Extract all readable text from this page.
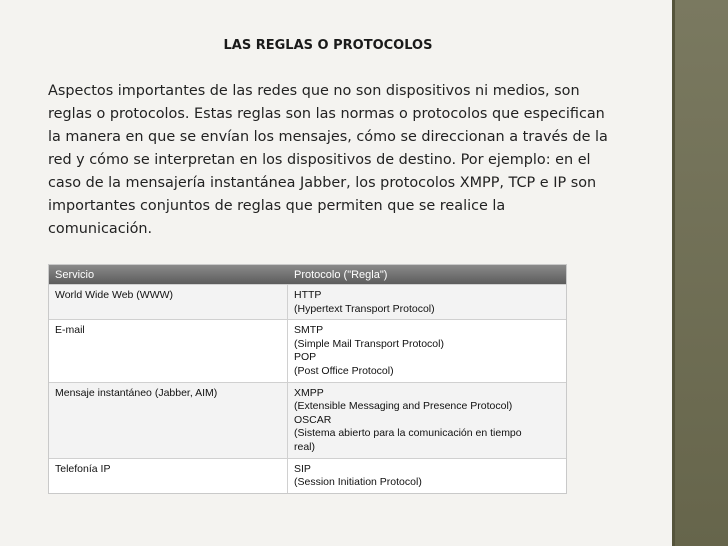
LAS REGLAS O PROTOCOLOS

Aspectos importantes de las redes que no son dispositivos ni medios, son reglas o protocolos. Estas reglas son las normas o protocolos que especifican la manera en que se envían los mensajes, cómo se direccionan a través de la red y cómo se interpretan en los dispositivos de destino. Por ejemplo: en el caso de la mensajería instantánea Jabber, los protocolos XMPP, TCP e IP son importantes conjuntos de reglas que permiten que se realice la comunicación.

Servicio	Protocolo ("Regla")

World Wide Web (WWW)	HTTP
(Hypertext Transport Protocol)

E-mail	SMTP
(Simple Mail Transport Protocol)
POP
(Post Office Protocol)

Mensaje instantáneo (Jabber, AIM)	XMPP
(Extensible Messaging and Presence Protocol)
OSCAR
(Sistema abierto para la comunicación en tiempo
real)

Telefonía IP	SIP
(Session Initiation Protocol)
